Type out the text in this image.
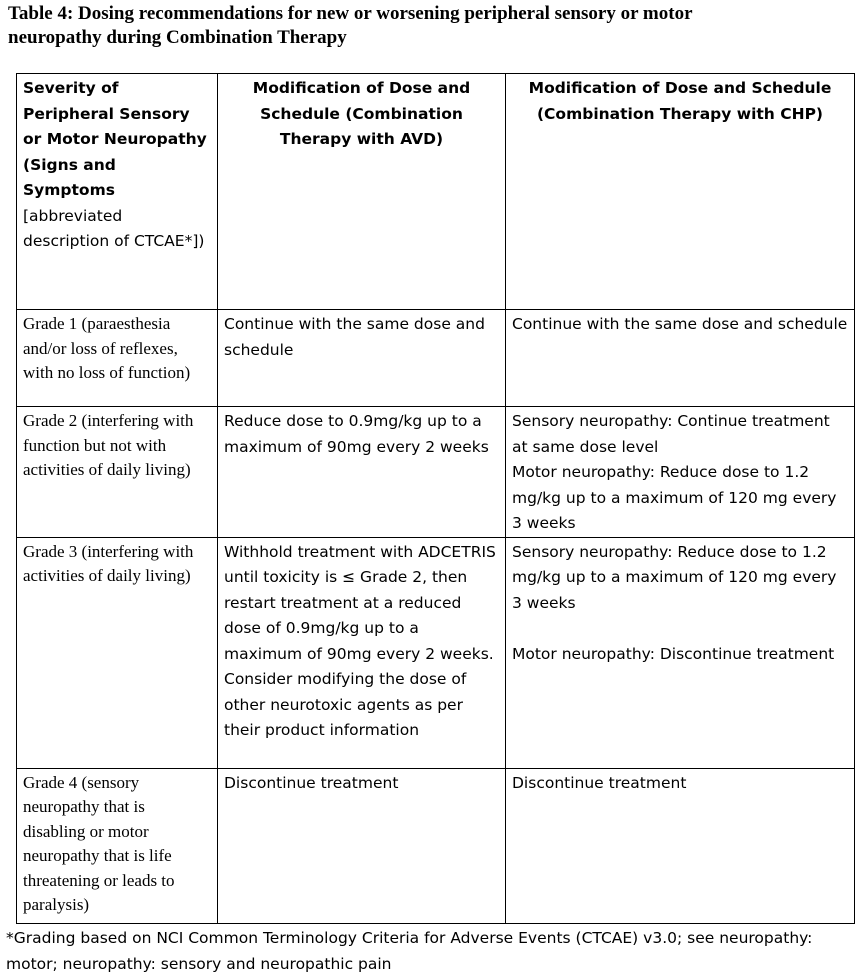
Table 4: Dosing recommendations for new or worsening peripheral sensory or motor
neuropathy during Combination Therapy
Severity of Peripheral Sensory or Motor Neuropathy (Signs and Symptoms
[abbreviated description of CTCAE*])	Modification of Dose and Schedule (Combination Therapy with AVD)	Modification of Dose and Schedule (Combination Therapy with CHP)
Grade 1 (paraesthesia and/or loss of reflexes, with no loss of function)	Continue with the same dose and schedule	Continue with the same dose and schedule
Grade 2 (interfering with function but not with activities of daily living)	Reduce dose to 0.9mg/kg up to a maximum of 90mg every 2 weeks	Sensory neuropathy: Continue treatment at same dose level
Motor neuropathy: Reduce dose to 1.2 mg/kg up to a maximum of 120 mg every 3 weeks

Grade 3 (interfering with activities of daily living)	Withhold treatment with ADCETRIS until toxicity is ≤ Grade 2, then restart treatment at a reduced dose of 0.9mg/kg up to a maximum of 90mg every 2 weeks. Consider modifying the dose of other neurotoxic agents as per their product information	Sensory neuropathy: Reduce dose to 1.2 mg/kg up to a maximum of 120 mg every 3 weeks
Motor neuropathy: Discontinue treatment

Grade 4 (sensory neuropathy that is disabling or motor neuropathy that is life threatening or leads to paralysis)	Discontinue treatment	Discontinue treatment
*Grading based on NCI Common Terminology Criteria for Adverse Events (CTCAE) v3.0; see neuropathy: motor; neuropathy: sensory and neuropathic pain
